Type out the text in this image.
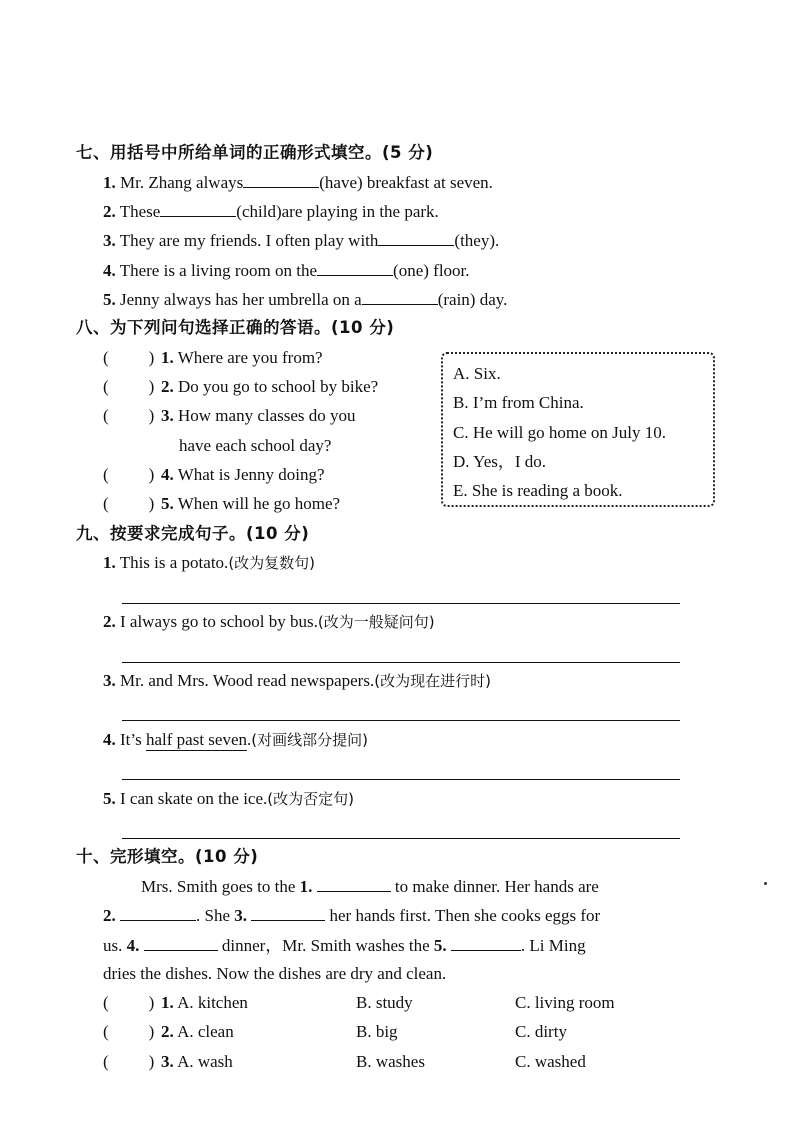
七、用括号中所给单词的正确形式填空。(5 分)
1. Mr. Zhang always	(have) breakfast at seven.
2. These	(child)are playing in the park.
3. They are my friends. I often play with	(they).
4. There is a living room on the	(one) floor.
5. Jenny always has her umbrella on a	(rain) day.
八、为下列问句选择正确的答语。(10 分)
( ) 1. Where are you from?
( ) 2. Do you go to school by bike?
( ) 3. How many classes do you
have each school day?
( ) 4. What is Jenny doing?
( ) 5. When will he go home?
A. Six.
B. I’m from China.
C. He will go home on July 10.
D. Yes，I do.
E. She is reading a book.
九、按要求完成句子。(10 分)
1. This is a potato.(改为复数句)
2. I always go to school by bus.(改为一般疑问句)
3. Mr. and Mrs. Wood read newspapers.(改为现在进行时)
4. It’s half past seven.(对画线部分提问)
5. I can skate on the ice.(改为否定句)
十、完形填空。(10 分)
Mrs. Smith goes to the 1.	to make dinner. Her hands are
2.	. She 3.	her hands first. Then she cooks eggs for
us. 4.	dinner，Mr. Smith washes the 5.	. Li Ming
dries the dishes. Now the dishes are dry and clean.
( ) 1. A. kitchen	B. study	C. living room
( ) 2. A. clean	B. big	C. dirty
( ) 3. A. wash	B. washes	C. washed
